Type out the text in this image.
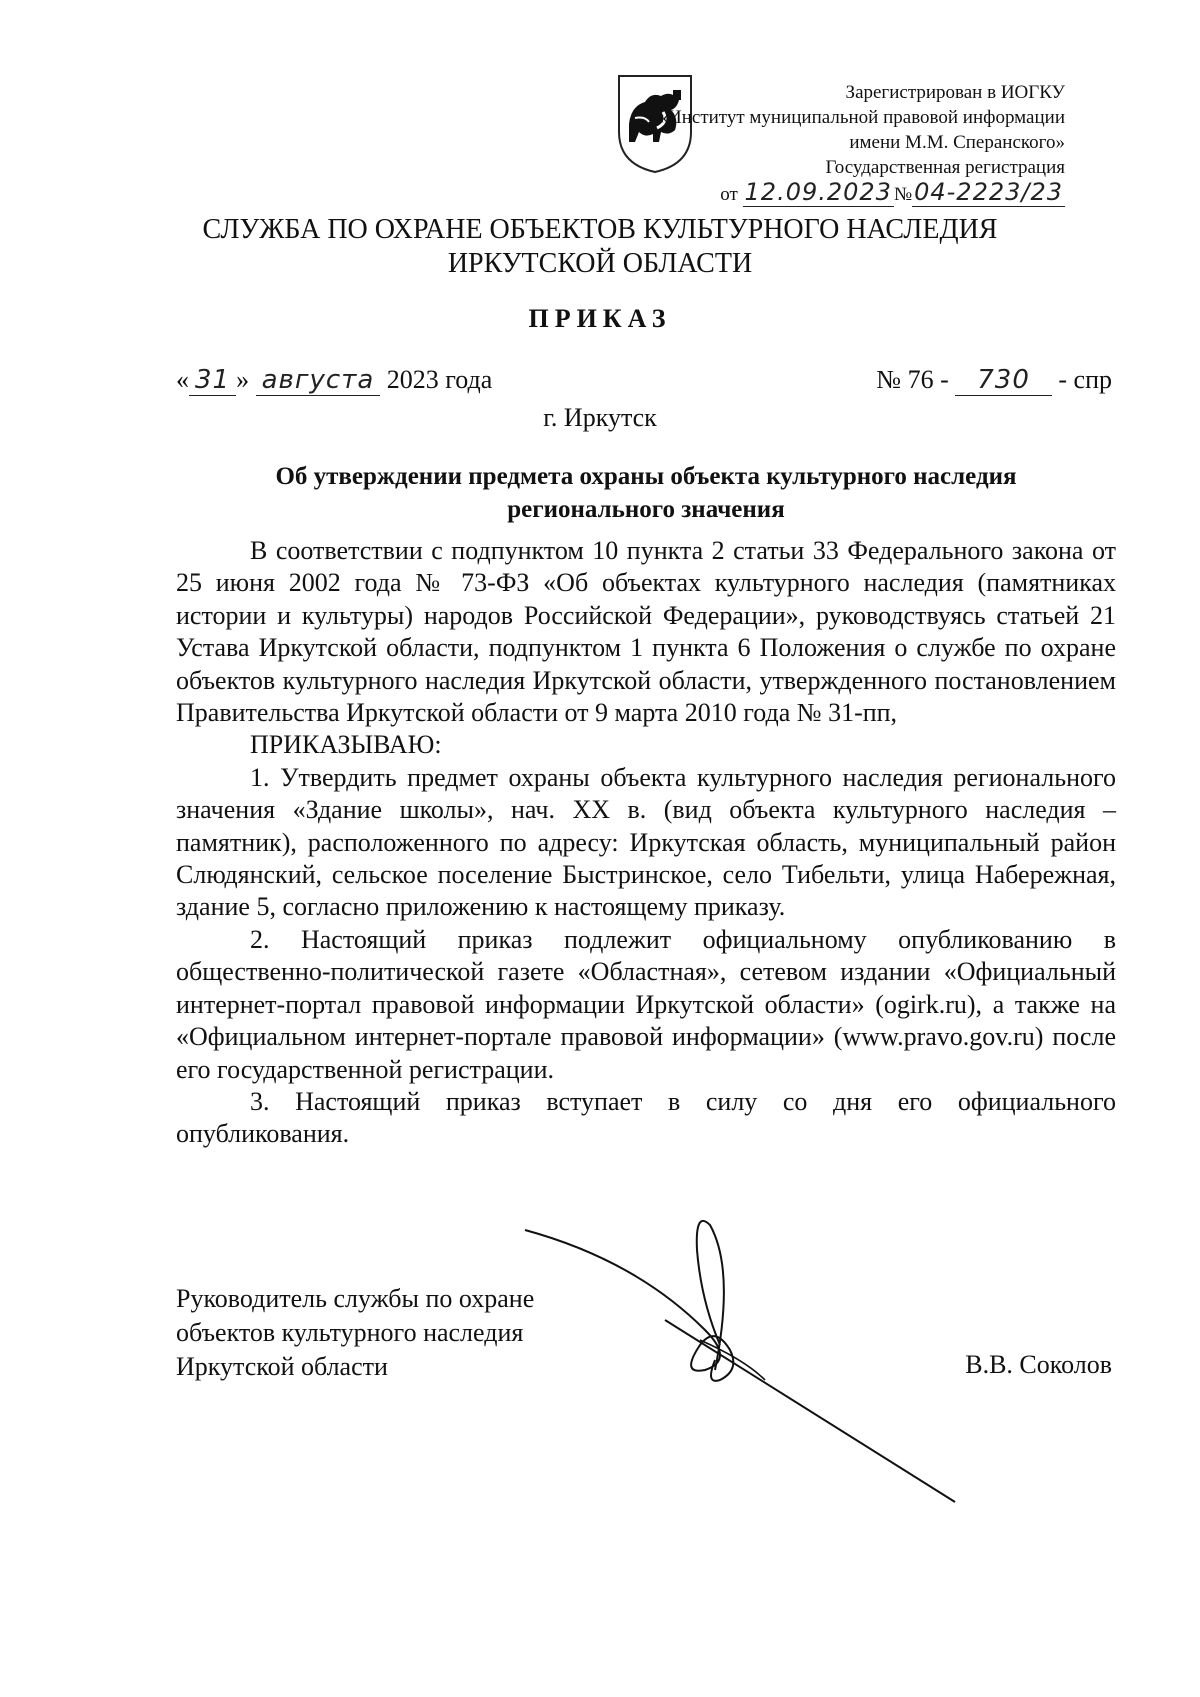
Зарегистрирован в ИОГКУ
«Институт муниципальной правовой информации
имени М.М. Сперанского»
Государственная регистрация
от 12.09.2023 №04-2223/23
СЛУЖБА ПО ОХРАНЕ ОБЪЕКТОВ КУЛЬТУРНОГО НАСЛЕДИЯ
ИРКУТСКОЙ ОБЛАСТИ
ПРИКАЗ
« 31 » августа 2023 года	№ 76 - 730 - спр
г. Иркутск
Об утверждении предмета охраны объекта культурного наследия
регионального значения

В соответствии с подпунктом 10 пункта 2 статьи 33 Федерального закона от 25 июня 2002 года № 73-ФЗ «Об объектах культурного наследия (памятниках истории и культуры) народов Российской Федерации», руководствуясь статьей 21 Устава Иркутской области, подпунктом 1 пункта 6 Положения о службе по охране объектов культурного наследия Иркутской области, утвержденного постановлением Правительства Иркутской области от 9 марта 2010 года № 31-пп,

ПРИКАЗЫВАЮ:

1. Утвердить предмет охраны объекта культурного наследия регионального значения «Здание школы», нач. XX в. (вид объекта культурного наследия – памятник), расположенного по адресу: Иркутская область, муниципальный район Слюдянский, сельское поселение Быстринское, село Тибельти, улица Набережная, здание 5, согласно приложению к настоящему приказу.

2. Настоящий приказ подлежит официальному опубликованию в общественно-политической газете «Областная», сетевом издании «Официальный интернет-портал правовой информации Иркутской области» (ogirk.ru), а также на «Официальном интернет-портале правовой информации» (www.pravo.gov.ru) после его государственной регистрации.

3. Настоящий приказ вступает в силу со дня его официального опубликования.

Руководитель службы по охране
объектов культурного наследия
Иркутской области	В.В. Соколов
